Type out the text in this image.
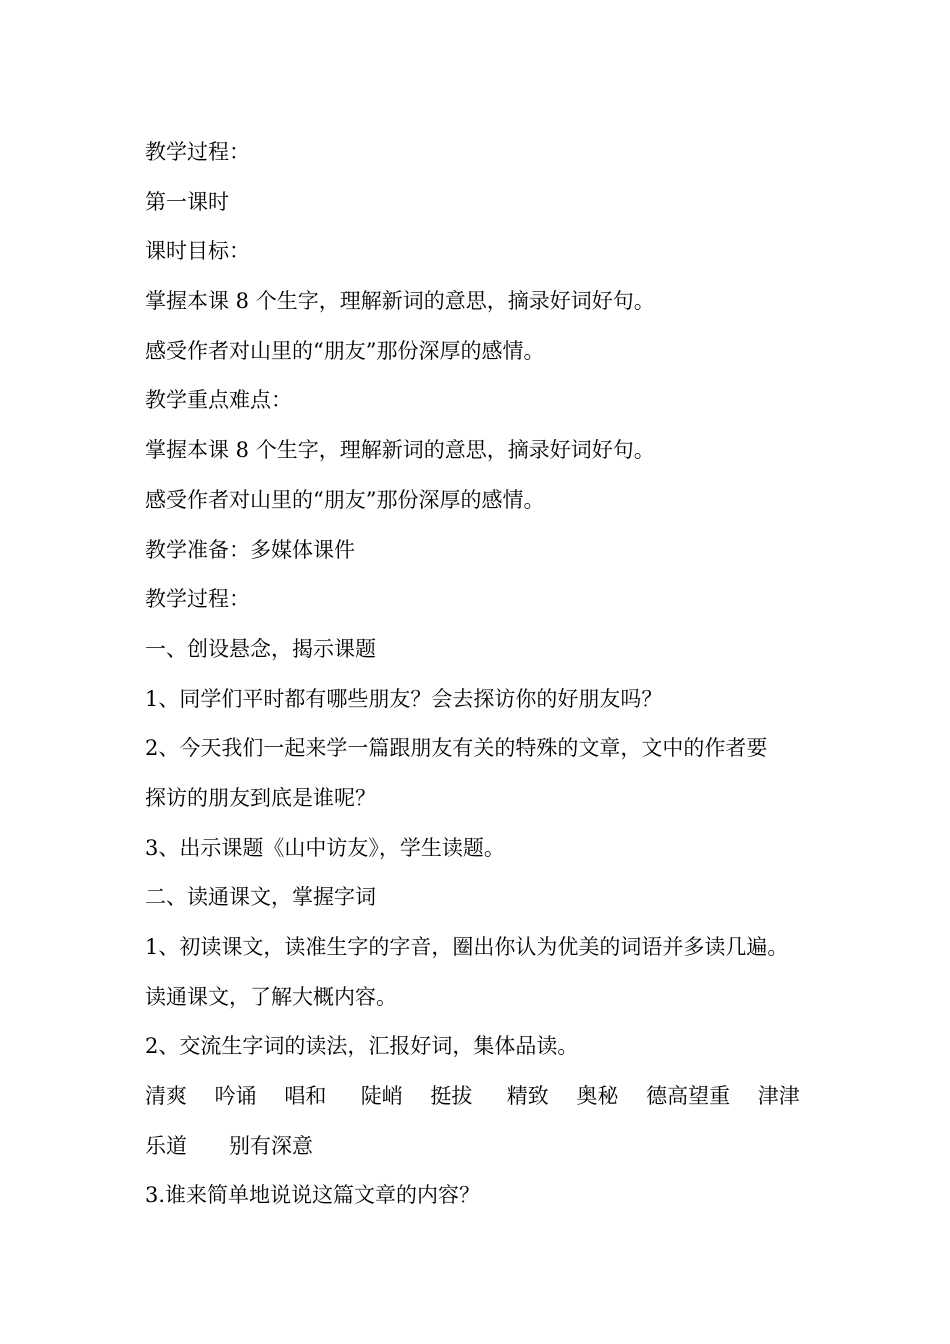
教学过程：
第一课时
课时目标：
掌握本课 8 个生字，理解新词的意思，摘录好词好句。
感受作者对山里的“朋友”那份深厚的感情。
教学重点难点：
掌握本课 8 个生字，理解新词的意思，摘录好词好句。
感受作者对山里的“朋友”那份深厚的感情。
教学准备：多媒体课件
教学过程：
一、创设悬念，揭示课题
1、同学们平时都有哪些朋友？会去探访你的好朋友吗？
2、今天我们一起来学一篇跟朋友有关的特殊的文章，文中的作者要
探访的朋友到底是谁呢？
3、出示课题《山中访友》，学生读题。
二、读通课文，掌握字词
1、初读课文，读准生字的字音，圈出你认为优美的词语并多读几遍。
读通课文，了解大概内容。
2、交流生字词的读法，汇报好词，集体品读。
清爽　 吟诵　 唱和 　 陡峭 　挺拔 　 精致　 奥秘　 德高望重　 津津
乐道　　别有深意
3.谁来简单地说说这篇文章的内容？
